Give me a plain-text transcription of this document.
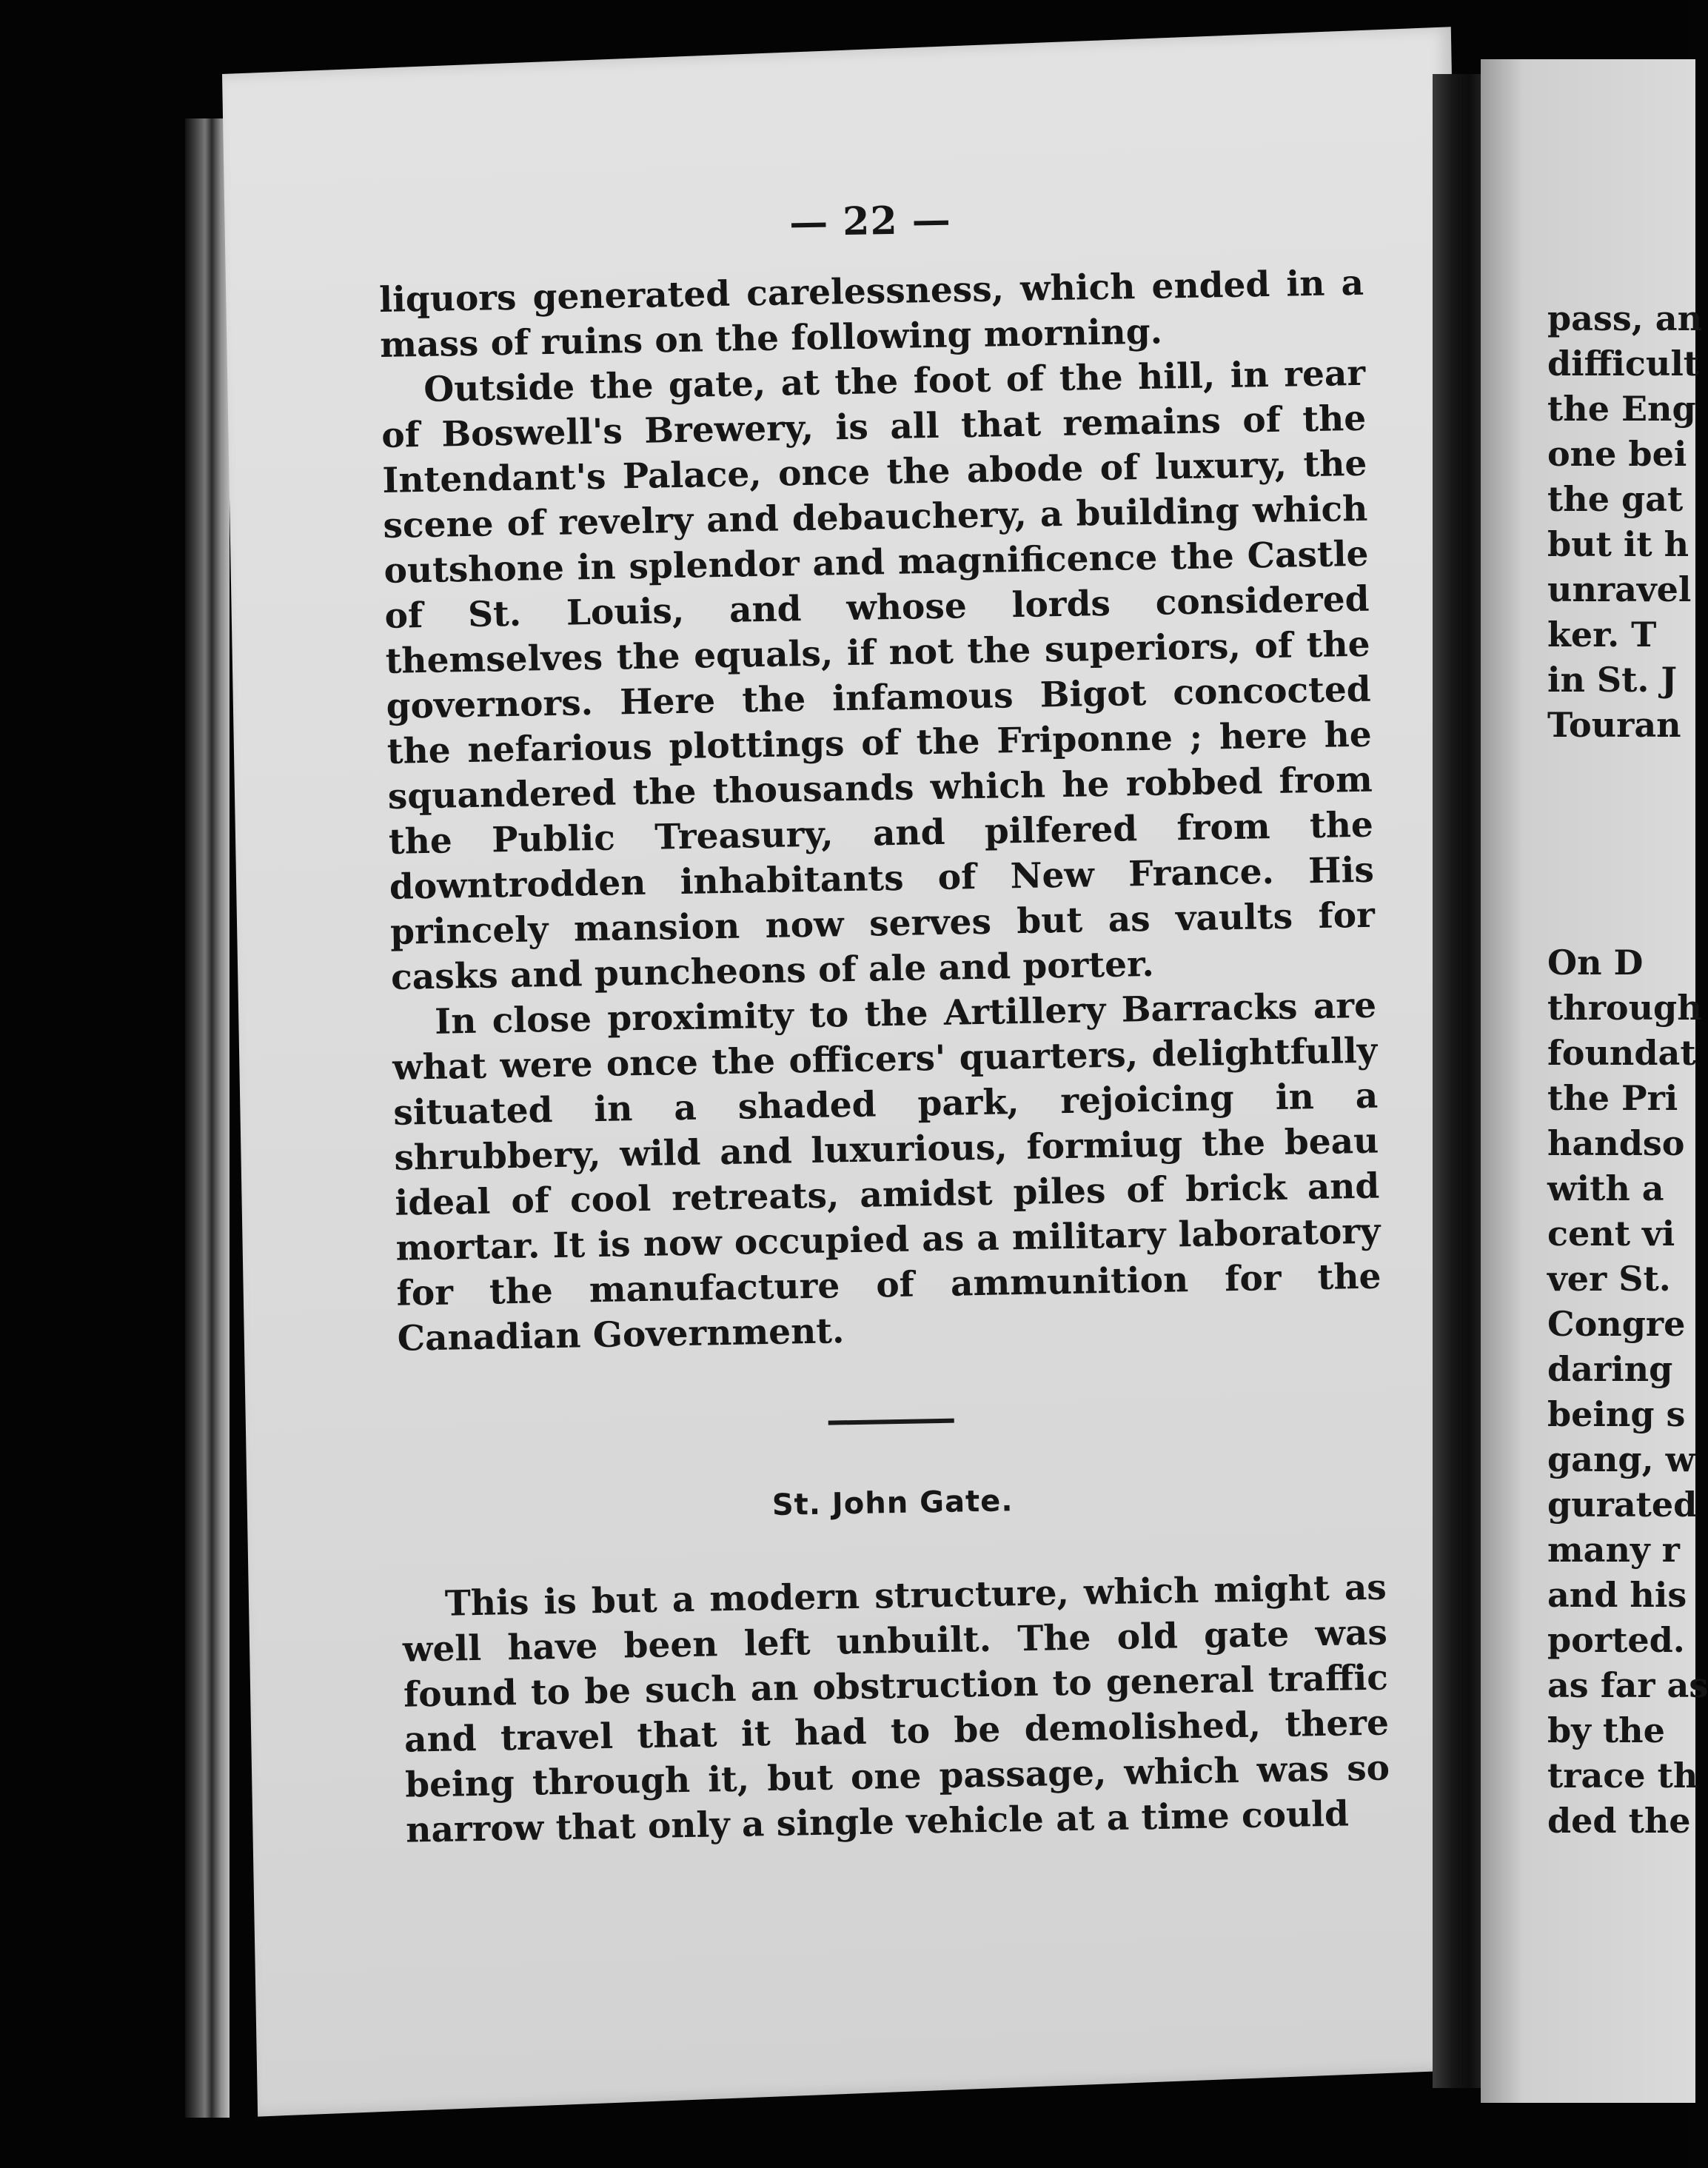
— 22 —

liquors generated carelessness, which ended in a mass of ruins on the following morning.

Outside the gate, at the foot of the hill, in rear of Boswell's Brewery, is all that remains of the Intendant's Palace, once the abode of luxury, the scene of revelry and debauchery, a building which outshone in splendor and magnificence the Castle of St. Louis, and whose lords considered themselves the equals, if not the superiors, of the governors. Here the infamous Bigot concocted the nefarious plottings of the Friponne ; here he squandered the thousands which he robbed from the Public Treasury, and pilfered from the downtrodden inhabitants of New France. His princely mansion now serves but as vaults for casks and puncheons of ale and porter.

In close proximity to the Artillery Barracks are what were once the officers' quarters, delightfully situated in a shaded park, rejoicing in a shrubbery, wild and luxurious, formiug the beau ideal of cool retreats, amidst piles of brick and mortar. It is now occupied as a military laboratory for the manufacture of ammunition for the Canadian Government.

St. John Gate.

This is but a modern structure, which might as well have been left unbuilt. The old gate was found to be such an obstruction to general traffic and travel that it had to be demolished, there being through it, but one passage, which was so narrow that only a single vehicle at a time could

pass, an
difficult
the Eng
one bei
the gat
but it h
unravel
ker. T
in St. J
Touran
On D
through
foundat
the Pri
handso
with a
cent vi
ver St.
Congre
daring
being s
gang, w
gurated
many r
and his
ported.
as far as
by the
trace th
ded the
